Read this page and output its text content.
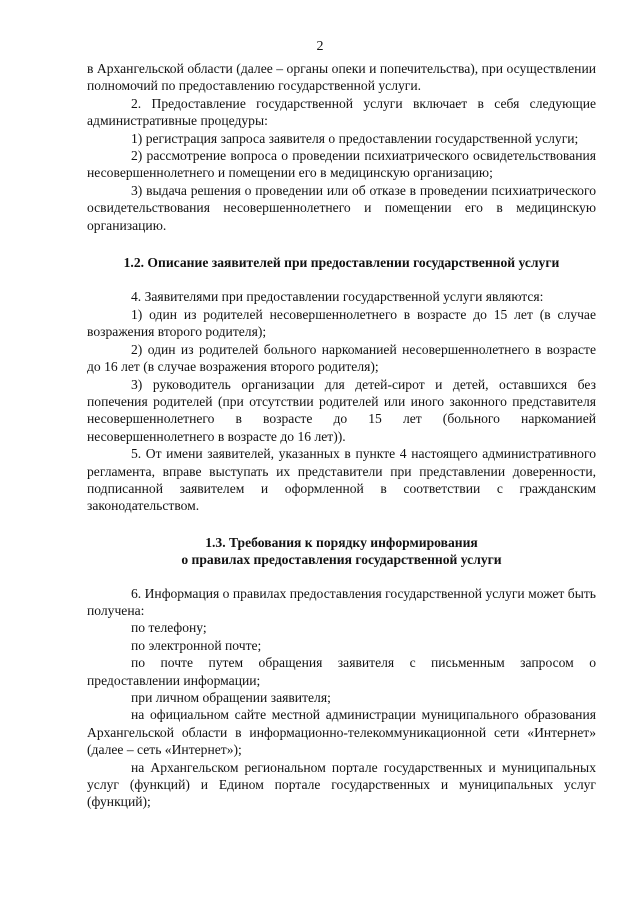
2

в Архангельской области (далее – органы опеки и попечительства), при осуществлении полномочий по предоставлению государственной услуги.

2. Предоставление государственной услуги включает в себя следующие административные процедуры:

1) регистрация запроса заявителя о предоставлении государственной услуги;

2) рассмотрение вопроса о проведении психиатрического освидетельствования несовершеннолетнего и помещении его в медицинскую организацию;

3) выдача решения о проведении или об отказе в проведении психиатрического освидетельствования несовершеннолетнего и помещении его в медицинскую организацию.

1.2. Описание заявителей при предоставлении государственной услуги

4. Заявителями при предоставлении государственной услуги являются:

1) один из родителей несовершеннолетнего в возрасте до 15 лет (в случае возражения второго родителя);

2) один из родителей больного наркоманией несовершеннолетнего в возрасте до 16 лет (в случае возражения второго родителя);

3) руководитель организации для детей-сирот и детей, оставшихся без попечения родителей (при отсутствии родителей или иного законного представителя несовершеннолетнего в возрасте до 15 лет (больного наркоманией несовершеннолетнего в возрасте до 16 лет)).

5. От имени заявителей, указанных в пункте 4 настоящего административного регламента, вправе выступать их представители при представлении доверенности, подписанной заявителем и оформленной в соответствии с гражданским законодательством.

1.3. Требования к порядку информирования
о правилах предоставления государственной услуги

6. Информация о правилах предоставления государственной услуги может быть получена:

по телефону;

по электронной почте;

по почте путем обращения заявителя с письменным запросом о предоставлении информации;

при личном обращении заявителя;

на официальном сайте местной администрации муниципального образования Архангельской области в информационно-телекоммуникационной сети «Интернет» (далее – сеть «Интернет»);

на Архангельском региональном портале государственных и муниципальных услуг (функций) и Едином портале государственных и муниципальных услуг (функций);
